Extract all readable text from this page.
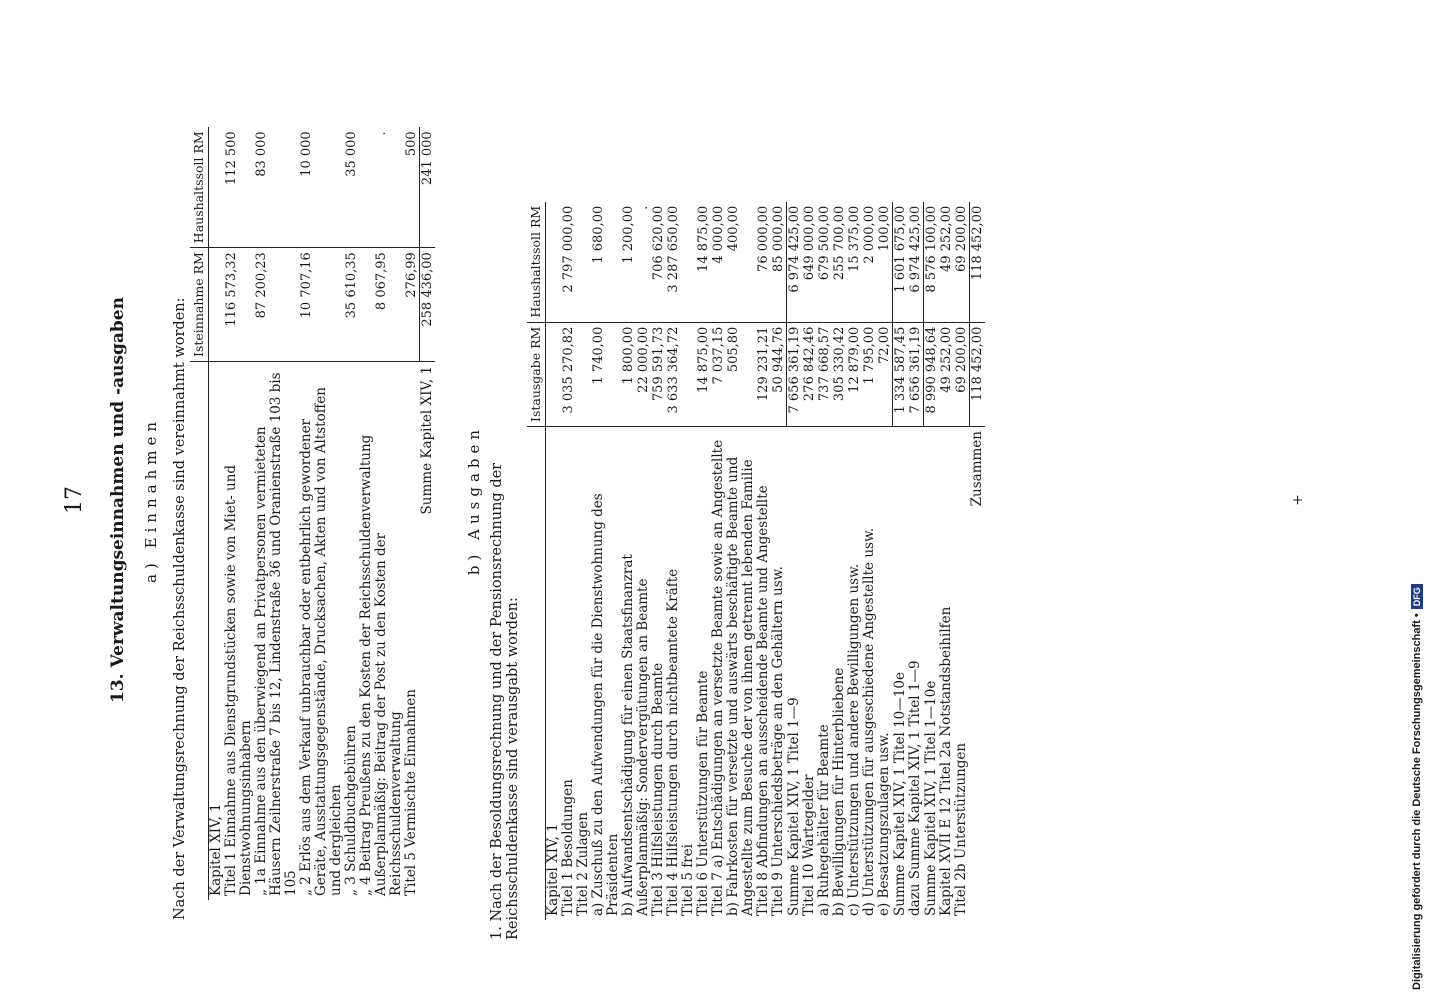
17 13. Verwaltungseinnahmen und -ausgaben a) Einnahmen Nach der Verwaltungsrechnung der Reichsschuldenkasse sind vereinnahmt worden:
	Isteinnahme RM	Haushaltssoll RM
Kapitel XIV, 1		
Titel 1 Einnahme aus Dienstgrundstücken sowie von Miet- und Dienstwohnungsinhabern	116 573,32	112 500
„ 1a Einnahme aus den überwiegend an Privatpersonen vermieteten Häusern Zeilnerstraße 7 bis 12, Lindenstraße 36 und Oranienstraße 103 bis 105	87 200,23	83 000
„ 2 Erlös aus dem Verkauf unbrauchbar oder entbehrlich gewordener Geräte, Ausstattungsgegenstände, Drucksachen, Akten und von Altstoffen und dergleichen	10 707,16	10 000
„ 3 Schuldbuchgebühren	35 610,35	35 000
„ 4 Beitrag Preußens zu den Kosten der Reichsschuldenverwaltung		
Außerplanmäßig: Beitrag der Post zu den Kosten der Reichsschuldenverwaltung	8 067,95	.
Titel 5 Vermischte Einnahmen	276,99	500
Summe Kapitel XIV, 1	258 436,00	241 000
b) Ausgaben 1. Nach der Besoldungsrechnung und der Pensionsrechnung der Reichsschuldenkasse sind verausgabt worden:
	Istausgabe RM	Haushaltssoll RM
Kapitel XIV, 1		
Titel 1 Besoldungen	3 035 270,82	2 797 000,00
Titel 2 Zulagen		
a) Zuschuß zu den Aufwendungen für die Dienstwohnung des Präsidenten	1 740,00	1 680,00
b) Aufwandsentschädigung für einen Staatsfinanzrat	1 800,00	1 200,00
Außerplanmäßig: Sondervergütungen an Beamte	22 000,00	.
Titel 3 Hilfsleistungen durch Beamte	759 591,73	706 620,00
Titel 4 Hilfsleistungen durch nichtbeamtete Kräfte	3 633 364,72	3 287 650,00
Titel 5 frei		
Titel 6 Unterstützungen für Beamte	14 875,00	14 875,00
Titel 7 a) Entschädigungen an versetzte Beamte sowie an Angestellte	7 037,15	4 000,00
b) Fahrkosten für versetzte und auswärts beschäftigte Beamte und Angestellte zum Besuche der von ihnen getrennt lebenden Familie	505,80	400,00
Titel 8 Abfindungen an ausscheidende Beamte und Angestellte	129 231,21	76 000,00
Titel 9 Unterschiedsbeträge an den Gehältern usw.	50 944,76	85 000,00
Summe Kapitel XIV, 1 Titel 1—9	7 656 361,19	6 974 425,00
Titel 10 Wartegelder	276 842,46	649 000,00
a) Ruhegehälter für Beamte	737 668,57	679 500,00
b) Bewilligungen für Hinterbliebene	305 330,42	255 700,00
c) Unterstützungen und andere Bewilligungen usw.	12 879,00	15 375,00
d) Unterstützungen für ausgeschiedene Angestellte usw.	1 795,00	2 000,00
e) Besatzungszulagen usw.	72,00	100,00
Summe Kapitel XIV, 1 Titel 10—10e	1 334 587,45	1 601 675,00
dazu Summe Kapitel XIV, 1 Titel 1—9	7 656 361,19	6 974 425,00
Summe Kapitel XIV, 1 Titel 1—10e	8 990 948,64	8 576 100,00
Kapitel XVII E 12 Titel 2a Notstandsbeihilfen	49 252,00	49 252,00
Titel 2b Unterstützungen	69 200,00	69 200,00
Zusammen	118 452,00	118 452,00
+
Digitalisierung gefördert durch die Deutsche Forschungsgemeinschaft •
DFG
